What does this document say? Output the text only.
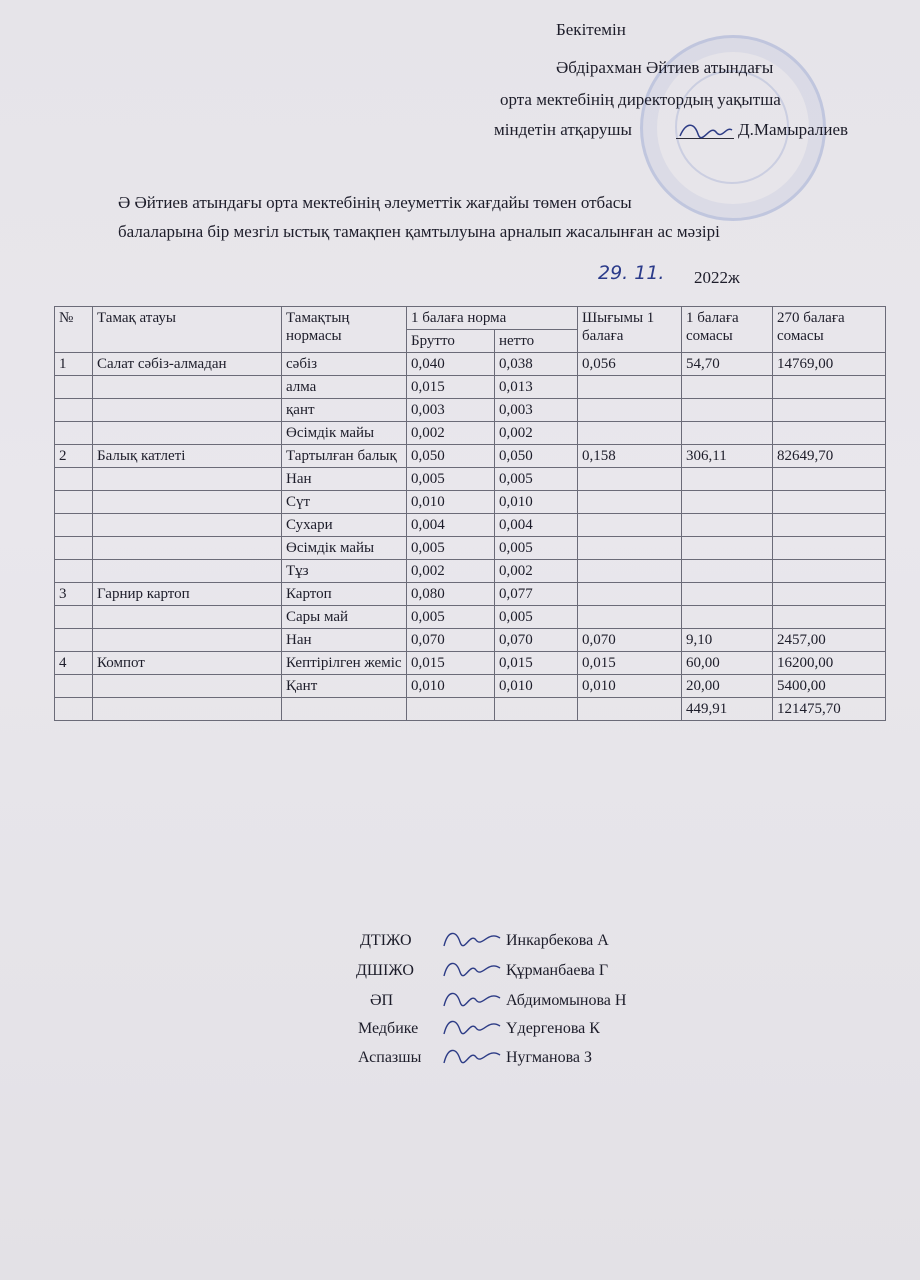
Бекітемін
Әбдірахман Әйтиев атындағы
орта мектебінің директордың уақытша
міндетін атқарушы	Д.Мамыралиев
Ә Әйтиев атындағы орта мектебінің әлеуметтік жағдайы төмен отбасы
балаларына бір мезгіл ыстық тамақпен қамтылуына арналып жасалынған ас мәзірі
29. 11. 2022ж
№	Тамақ атауы	Тамақтың нормасы	1 балаға норма		Шығымы 1 балаға	1 балаға сомасы	270 балаға сомасы
			Брутто	нетто			
1	Салат сәбіз-алмадан	сәбіз	0,040	0,038	0,056	54,70	14769,00
		алма	0,015	0,013			
		қант	0,003	0,003			
		Өсімдік майы	0,002	0,002			
2	Балық катлеті	Тартылған балық	0,050	0,050	0,158	306,11	82649,70
		Нан	0,005	0,005			
		Сүт	0,010	0,010			
		Сухари	0,004	0,004			
		Өсімдік майы	0,005	0,005			
		Тұз	0,002	0,002			
3	Гарнир картоп	Картоп	0,080	0,077			
		Сары май	0,005	0,005			
		Нан	0,070	0,070	0,070	9,10	2457,00
4	Компот	Кептірілген жеміс	0,015	0,015	0,015	60,00	16200,00
		Қант	0,010	0,010	0,010	20,00	5400,00
						449,91	121475,70
ДТІЖО	Инкарбекова А
ДШІЖО	Құрманбаева Г
ӘП	Абдимомынова Н
Медбике	Үдергенова К
Аспазшы	Нугманова З
